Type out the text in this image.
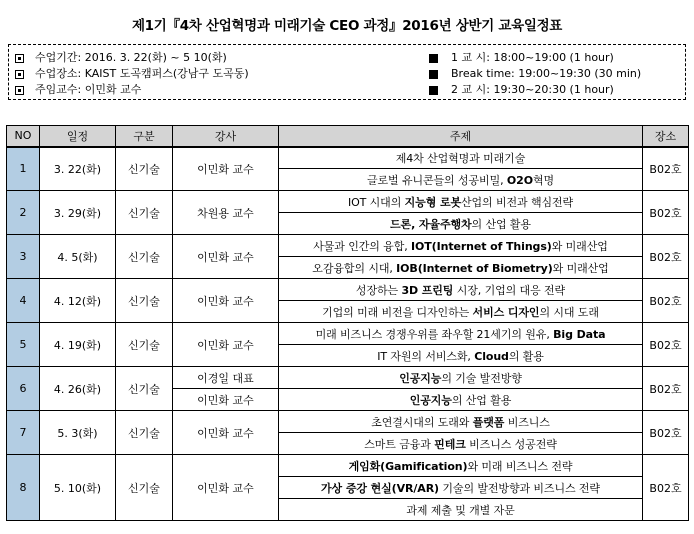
제1기『4차 산업혁명과 미래기술 CEO 과정』2016년 상반기 교육일정표
수업기간: 2016. 3. 22(화) ~ 5 10(화)
수업장소: KAIST 도곡캠퍼스(강남구 도곡동)
주임교수: 이민화 교수
1 교 시: 18:00~19:00 (1 hour)
Break time: 19:00~19:30 (30 min)
2 교 시: 19:30~20:30 (1 hour)
NO	일정	구분	강사	주제	장소
1	3. 22(화)	신기술	이민화 교수	제4차 산업혁명과 미래기술	B02호
				글로벌 유니콘들의 성공비밀, O2O혁명	
2	3. 29(화)	신기술	차원용 교수	IOT 시대의 지능형 로봇산업의 비전과 핵심전략	B02호
				드론, 자율주행차의 산업 활용	
3	4. 5(화)	신기술	이민화 교수	사물과 인간의 융합, IOT(Internet of Things)와 미래산업	B02호
				오감융합의 시대, IOB(Internet of Biometry)와 미래산업	
4	4. 12(화)	신기술	이민화 교수	성장하는 3D 프린팅 시장, 기업의 대응 전략	B02호
				기업의 미래 비전을 디자인하는 서비스 디자인의 시대 도래	
5	4. 19(화)	신기술	이민화 교수	미래 비즈니스 경쟁우위를 좌우할 21세기의 원유, Big Data	B02호
				IT 자원의 서비스화, Cloud의 활용	
6	4. 26(화)	신기술	이경일 대표	인공지능의 기술 발전방향	B02호
			이민화 교수	인공지능의 산업 활용	
7	5. 3(화)	신기술	이민화 교수	초연결시대의 도래와 플랫폼 비즈니스	B02호
				스마트 금융과 핀테크 비즈니스 성공전략	
8	5. 10(화)	신기술	이민화 교수	게임화(Gamification)와 미래 비즈니스 전략	B02호
				가상 증강 현실(VR/AR) 기술의 발전방향과 비즈니스 전략	
				과제 제출 및 개별 자문	
